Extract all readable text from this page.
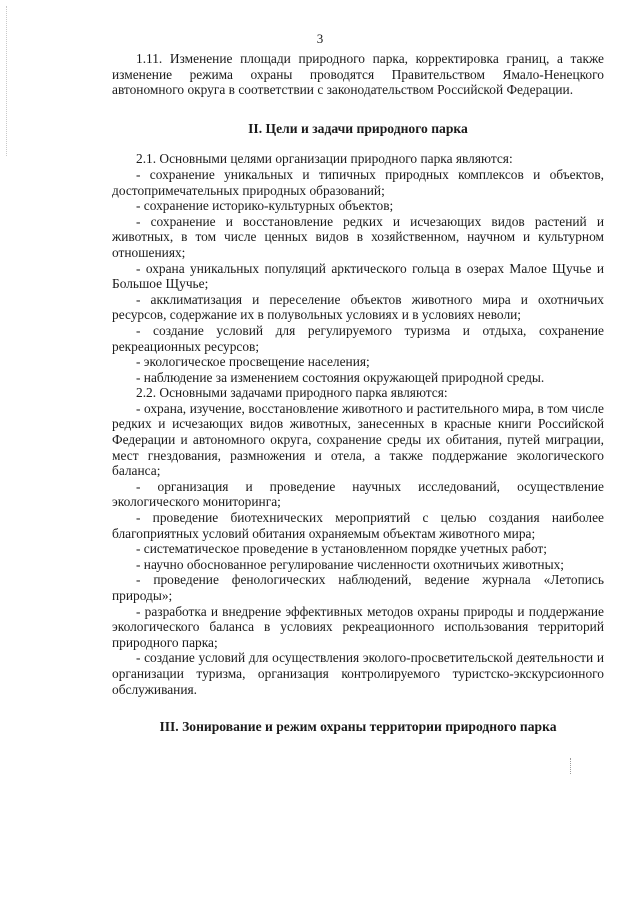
3

1.11. Изменение площади природного парка, корректировка границ, а также изменение режима охраны проводятся Правительством Ямало-Ненецкого автономного округа в соответствии с законодательством Российской Федерации.

II. Цели и задачи природного парка

2.1. Основными целями организации природного парка являются:

- сохранение уникальных и типичных природных комплексов и объектов, достопримечательных природных образований;

- сохранение историко-культурных объектов;

- сохранение и восстановление редких и исчезающих видов растений и животных, в том числе ценных видов в хозяйственном, научном и культурном отношениях;

- охрана уникальных популяций арктического гольца в озерах Малое Щучье и Большое Щучье;

- акклиматизация и переселение объектов животного мира и охотничьих ресурсов, содержание их в полувольных условиях и в условиях неволи;

- создание условий для регулируемого туризма и отдыха, сохранение рекреационных ресурсов;

- экологическое просвещение населения;

- наблюдение за изменением состояния окружающей природной среды.

2.2. Основными задачами природного парка являются:

- охрана, изучение, восстановление животного и растительного мира, в том числе редких и исчезающих видов животных, занесенных в красные книги Российской Федерации и автономного округа, сохранение среды их обитания, путей миграции, мест гнездования, размножения и отела, а также поддержание экологического баланса;

- организация и проведение научных исследований, осуществление экологического мониторинга;

- проведение биотехнических мероприятий с целью создания наиболее благоприятных условий обитания охраняемым объектам животного мира;

- систематическое проведение в установленном порядке учетных работ;

- научно обоснованное регулирование численности охотничьих животных;

- проведение фенологических наблюдений, ведение журнала «Летопись природы»;

- разработка и внедрение эффективных методов охраны природы и поддержание экологического баланса в условиях рекреационного использования территорий природного парка;

- создание условий для осуществления эколого-просветительской деятельности и организации туризма, организация контролируемого туристско-экскурсионного обслуживания.

III. Зонирование и режим охраны территории природного парка
